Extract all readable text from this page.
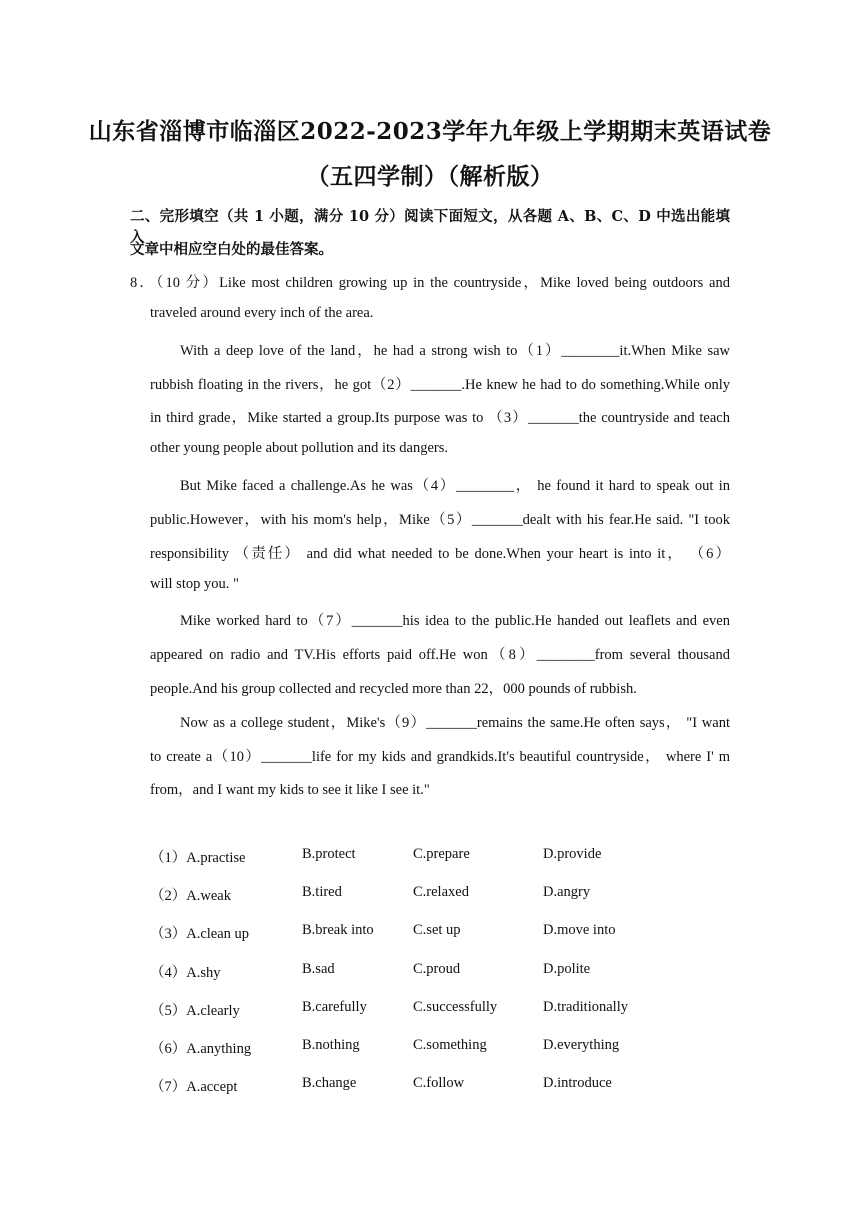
山东省淄博市临淄区2022-2023学年九年级上学期期末英语试卷
（五四学制）（解析版）
二、完形填空（共 1 小题，满分 10 分）阅读下面短文，从各题 A、B、C、D 中选出能填入
文章中相应空白处的最佳答案。
8．（10 分）Like most children growing up in the countryside，Mike loved being outdoors and
traveled around every inch of the area.
With a deep love of the land，he had a strong wish to（1）________it.When Mike saw
rubbish floating in the rivers，he got（2）_______.He knew he had to do something.While only
in third grade，Mike started a group.Its purpose was to （3）_______the countryside and teach
other young people about pollution and its dangers.
But Mike faced a challenge.As he was（4）________， he found it hard to speak out in
public.However，with his mom's help，Mike（5）_______dealt with his fear.He said. "I took
responsibility （责任） and did what needed to be done.When your heart is into it， （6）
will stop you. "
Mike worked hard to（7）_______his idea to the public.He handed out leaflets and even
appeared on radio and TV.His efforts paid off.He won（8）________from several thousand
people.And his group collected and recycled more than 22，000 pounds of rubbish.
Now as a college student，Mike's（9）_______remains the same.He often says， "I want
to create a（10）_______life for my kids and grandkids.It's beautiful countryside， where I' m
from，and I want my kids to see it like I see it."
（1）A.practise	B.protect	C.prepare	D.provide
（2）A.weak	B.tired	C.relaxed	D.angry
（3）A.clean up	B.break into	C.set up	D.move into
（4）A.shy	B.sad	C.proud	D.polite
（5）A.clearly	B.carefully	C.successfully	D.traditionally
（6）A.anything	B.nothing	C.something	D.everything
（7）A.accept	B.change	C.follow	D.introduce
